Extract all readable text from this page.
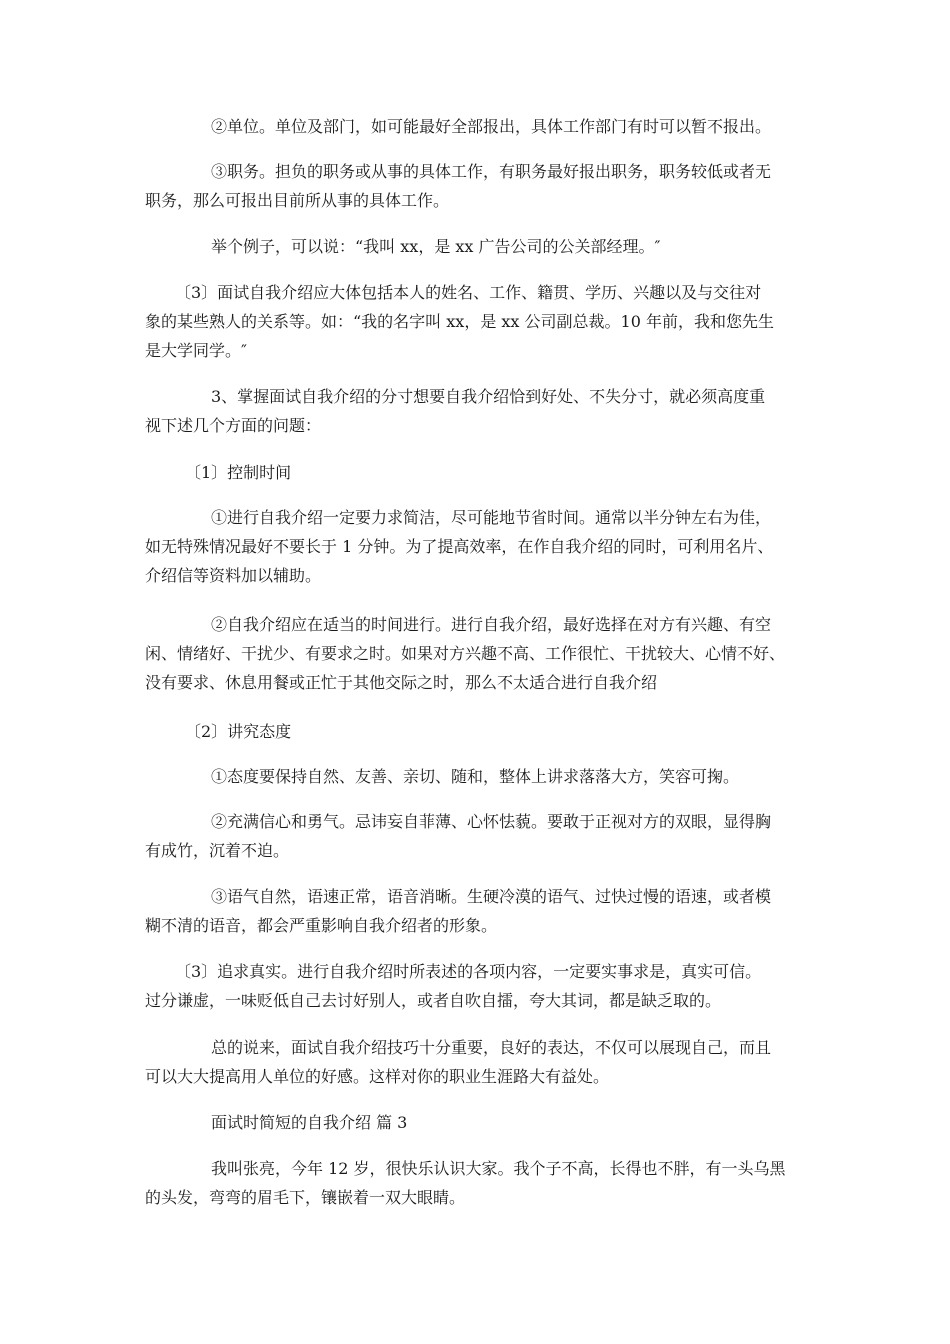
②单位。单位及部门，如可能最好全部报出，具体工作部门有时可以暂不报出。

③职务。担负的职务或从事的具体工作，有职务最好报出职务，职务较低或者无
职务，那么可报出目前所从事的具体工作。

举个例子，可以说：“我叫 xx，是 xx 广告公司的公关部经理。″

〔3〕面试自我介绍应大体包括本人的姓名、工作、籍贯、学历、兴趣以及与交往对
象的某些熟人的关系等。如：“我的名字叫 xx，是 xx 公司副总裁。10 年前，我和您先生
是大学同学。″

3、掌握面试自我介绍的分寸想要自我介绍恰到好处、不失分寸，就必须高度重
视下述几个方面的问题：

〔1〕控制时间

①进行自我介绍一定要力求简洁，尽可能地节省时间。通常以半分钟左右为佳，
如无特殊情况最好不要长于 1 分钟。为了提高效率，在作自我介绍的同时，可利用名片、
介绍信等资料加以辅助。

②自我介绍应在适当的时间进行。进行自我介绍，最好选择在对方有兴趣、有空
闲、情绪好、干扰少、有要求之时。如果对方兴趣不高、工作很忙、干扰较大、心情不好、
没有要求、休息用餐或正忙于其他交际之时，那么不太适合进行自我介绍

〔2〕讲究态度

①态度要保持自然、友善、亲切、随和，整体上讲求落落大方，笑容可掬。

②充满信心和勇气。忌讳妄自菲薄、心怀怯藐。要敢于正视对方的双眼，显得胸
有成竹，沉着不迫。

③语气自然，语速正常，语音消晰。生硬冷漠的语气、过快过慢的语速，或者模
糊不清的语音，都会严重影响自我介绍者的形象。

〔3〕追求真实。进行自我介绍时所表述的各项内容，一定要实事求是，真实可信。
过分谦虚，一味贬低自己去讨好别人，或者自吹自擂，夸大其词，都是缺乏取的。

总的说来，面试自我介绍技巧十分重要，良好的表达，不仅可以展现自己，而且
可以大大提高用人单位的好感。这样对你的职业生涯路大有益处。

面试时简短的自我介绍 篇 3

我叫张亮，今年 12 岁，很快乐认识大家。我个子不高，长得也不胖，有一头乌黑
的头发，弯弯的眉毛下，镶嵌着一双大眼睛。
